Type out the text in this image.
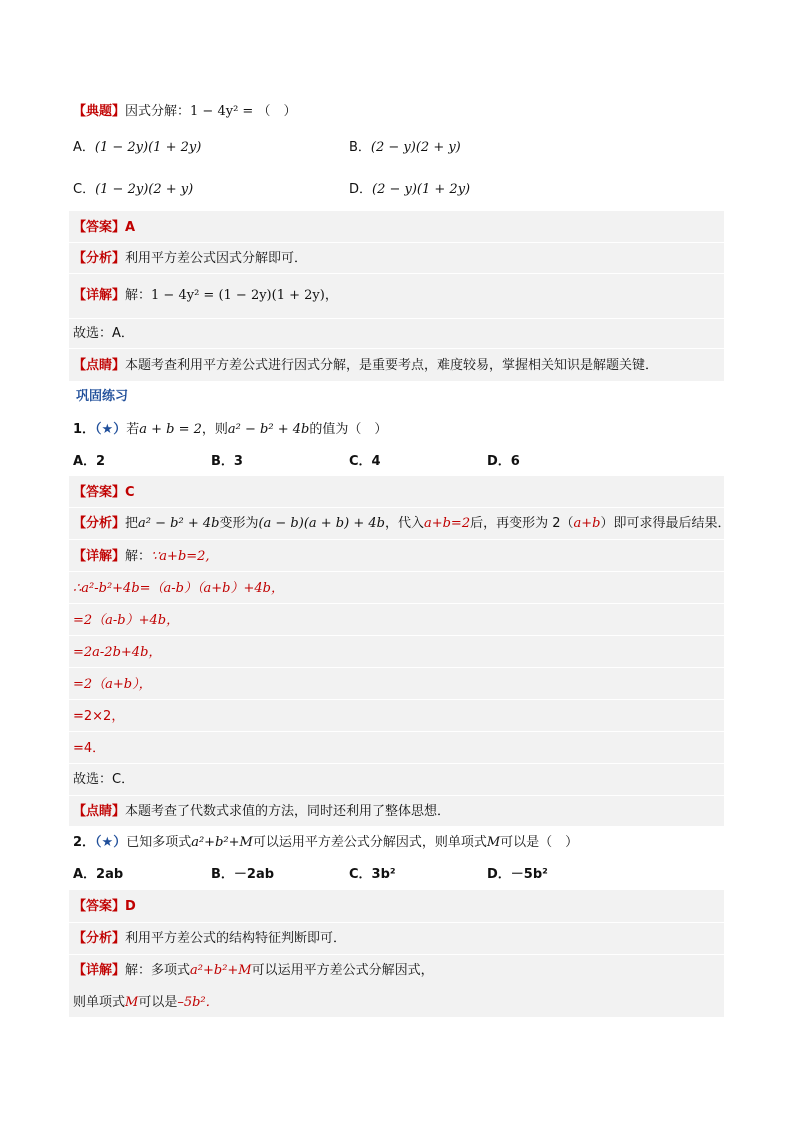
【典题】因式分解：1 − 4y² = （　）
A．(1 − 2y)(1 + 2y)	B．(2 − y)(2 + y)
C．(1 − 2y)(2 + y)	D．(2 − y)(1 + 2y)
【答案】A
【分析】利用平方差公式因式分解即可．
【详解】解：1 − 4y² = (1 − 2y)(1 + 2y)，
故选：A．
【点睛】本题考查利用平方差公式进行因式分解，是重要考点，难度较易，掌握相关知识是解题关键．
巩固练习
1．（★）若a + b = 2，则a² − b² + 4b的值为（　）
A．2	B．3	C．4	D．6
【答案】C
【分析】把a² − b² + 4b变形为(a − b)(a + b) + 4b，代入a+b=2后，再变形为 2（a+b）即可求得最后结果．
【详解】解：∵a+b=2,
∴a²-b²+4b=（a-b）（a+b）+4b，
=2（a-b）+4b，
=2a-2b+4b，
=2（a+b），
=2×2，
=4．
故选：C．
【点睛】本题考查了代数式求值的方法，同时还利用了整体思想．
2．（★）已知多项式a²+b²+M可以运用平方差公式分解因式，则单项式M可以是（　）
A．2ab	B．－2ab	C．3b²	D．－5b²
【答案】D
【分析】利用平方差公式的结构特征判断即可．
【详解】解：多项式a²+b²+M可以运用平方差公式分解因式，
则单项式M可以是–5b²．
